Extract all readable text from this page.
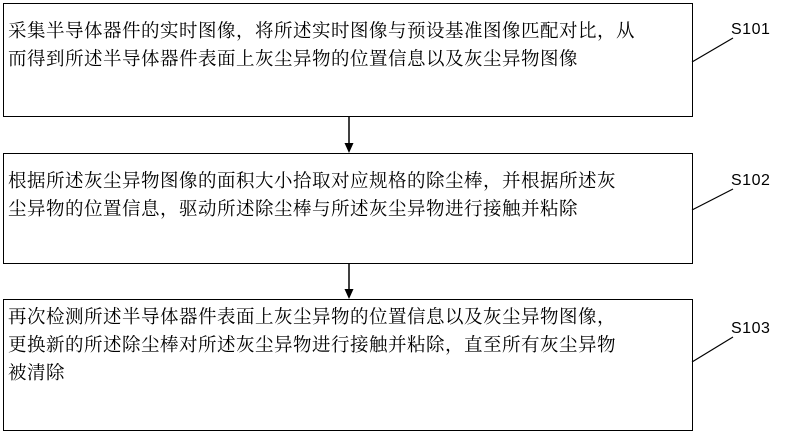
采集半导体器件的实时图像，将所述实时图像与预设基准图像匹配对比，从
而得到所述半导体器件表面上灰尘异物的位置信息以及灰尘异物图像
根据所述灰尘异物图像的面积大小拾取对应规格的除尘棒，并根据所述灰
尘异物的位置信息，驱动所述除尘棒与所述灰尘异物进行接触并粘除
再次检测所述半导体器件表面上灰尘异物的位置信息以及灰尘异物图像，
更换新的所述除尘棒对所述灰尘异物进行接触并粘除，直至所有灰尘异物
被清除
S101
S102
S103
